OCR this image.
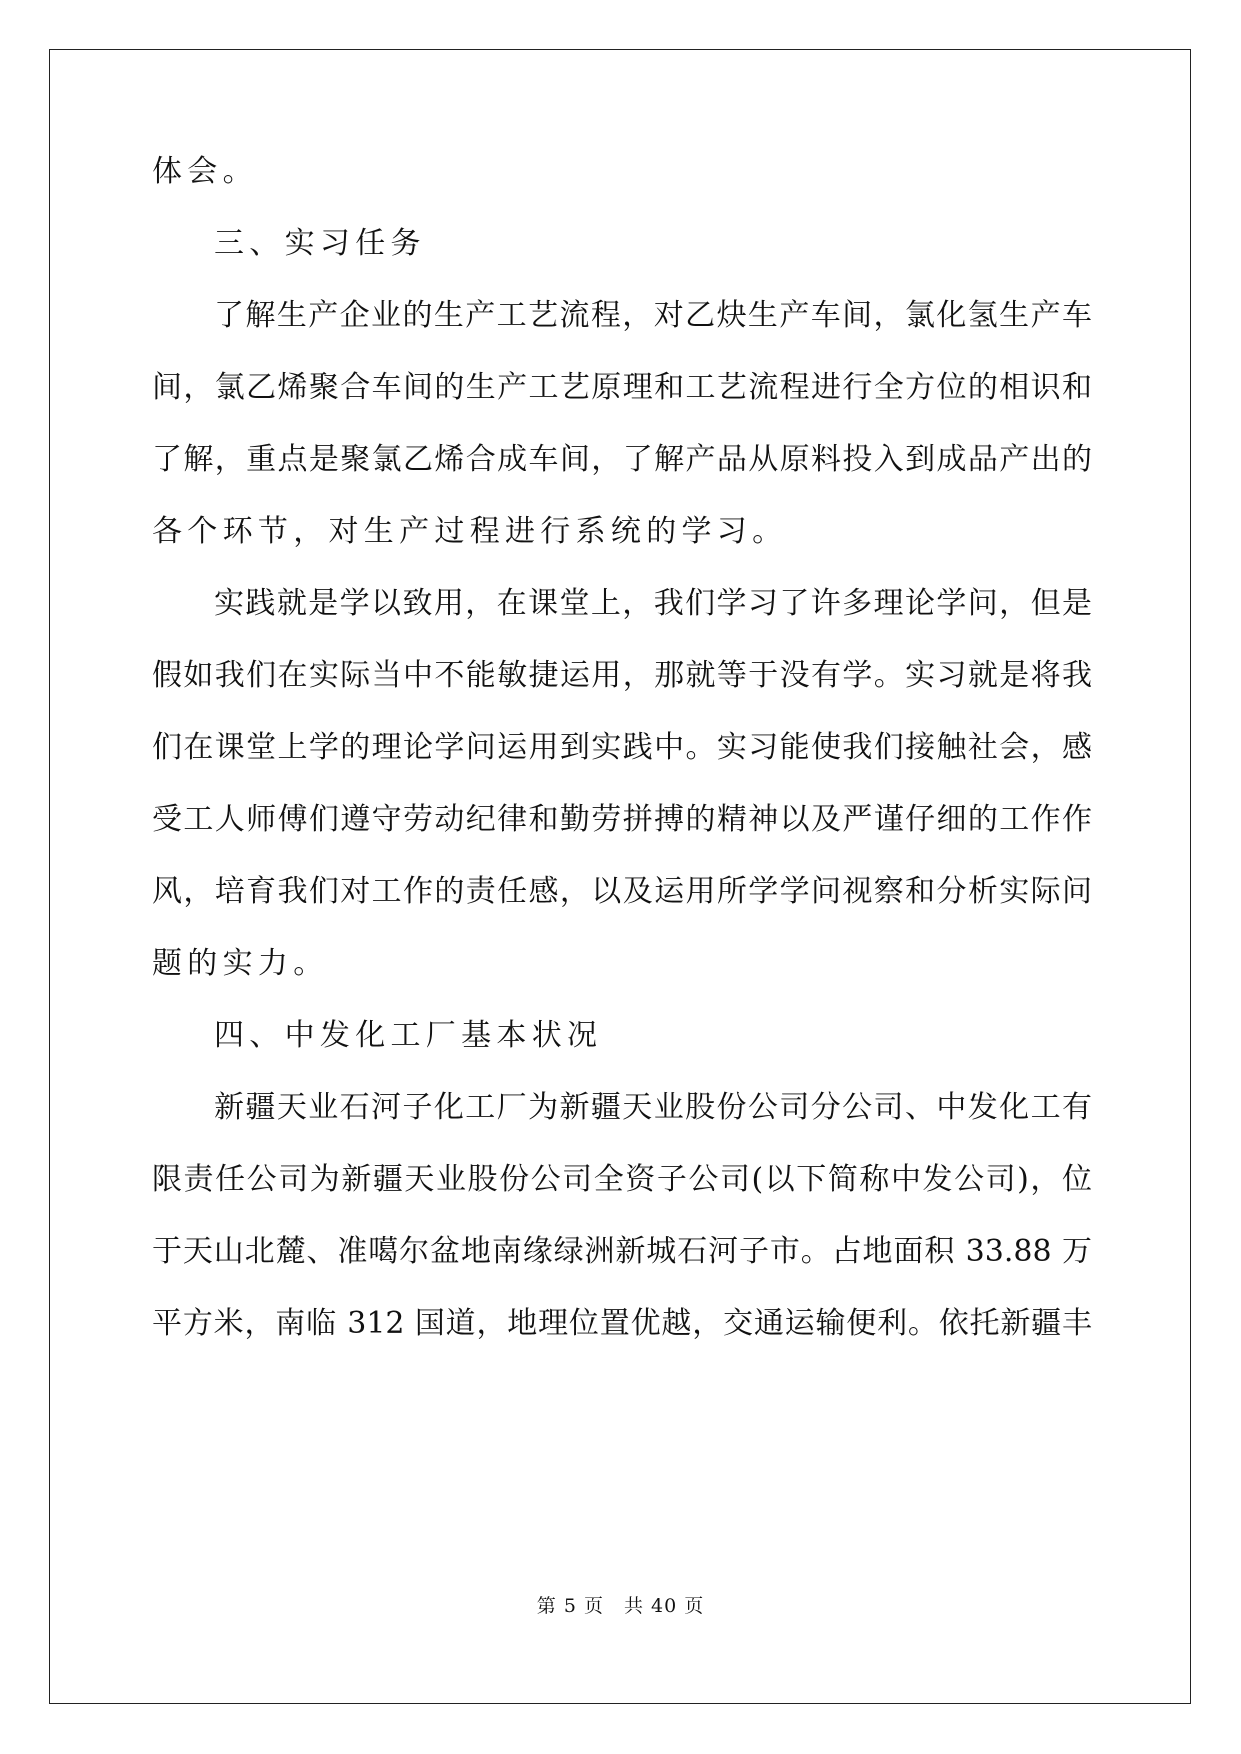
体会。
三、实习任务
了解生产企业的生产工艺流程，对乙炔生产车间，氯化氢生产车
间，氯乙烯聚合车间的生产工艺原理和工艺流程进行全方位的相识和
了解，重点是聚氯乙烯合成车间，了解产品从原料投入到成品产出的
各个环节，对生产过程进行系统的学习。
实践就是学以致用，在课堂上，我们学习了许多理论学问，但是
假如我们在实际当中不能敏捷运用，那就等于没有学。实习就是将我
们在课堂上学的理论学问运用到实践中。实习能使我们接触社会，感
受工人师傅们遵守劳动纪律和勤劳拼搏的精神以及严谨仔细的工作作
风，培育我们对工作的责任感，以及运用所学学问视察和分析实际问
题的实力。
四、中发化工厂基本状况
新疆天业石河子化工厂为新疆天业股份公司分公司、中发化工有
限责任公司为新疆天业股份公司全资子公司(以下简称中发公司)，位
于天山北麓、准噶尔盆地南缘绿洲新城石河子市。占地面积 33.88 万
平方米，南临 312 国道，地理位置优越，交通运输便利。依托新疆丰
第 5 页　共 40 页
